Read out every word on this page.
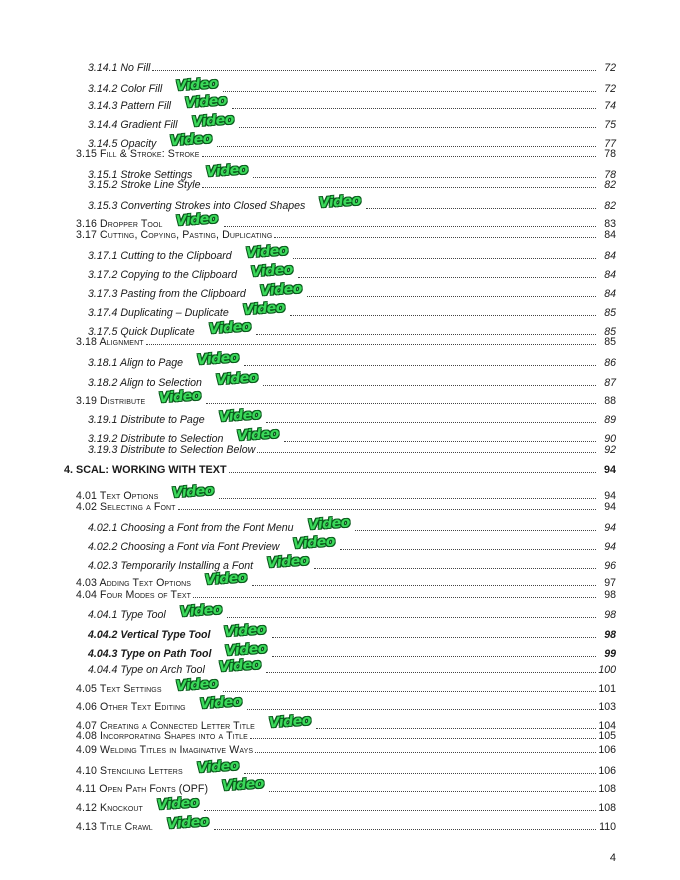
3.14.1 No Fill	72
3.14.2 Color Fill Video	72
3.14.3 Pattern Fill Video	74
3.14.4 Gradient Fill Video	75
3.14.5 Opacity Video	77
3.15 Fill & Stroke: Stroke	78
3.15.1 Stroke Settings Video	78
3.15.2 Stroke Line Style	82
3.15.3 Converting Strokes into Closed Shapes Video	82
3.16 Dropper Tool Video	83
3.17 Cutting, Copying, Pasting, Duplicating	84
3.17.1 Cutting to the Clipboard Video	84
3.17.2 Copying to the Clipboard Video	84
3.17.3 Pasting from the Clipboard Video	84
3.17.4 Duplicating – Duplicate Video	85
3.17.5 Quick Duplicate Video	85
3.18 Alignment	85
3.18.1 Align to Page Video	86
3.18.2 Align to Selection Video	87
3.19 Distribute Video	88
3.19.1 Distribute to Page Video	89
3.19.2 Distribute to Selection Video	90
3.19.3 Distribute to Selection Below	92
4. SCAL: WORKING WITH TEXT	94
4.01 Text Options Video	94
4.02 Selecting a Font	94
4.02.1 Choosing a Font from the Font Menu Video	94
4.02.2 Choosing a Font via Font Preview Video	94
4.02.3 Temporarily Installing a Font Video	96
4.03 Adding Text Options Video	97
4.04 Four Modes of Text	98
4.04.1 Type Tool Video	98
4.04.2 Vertical Type Tool Video	98
4.04.3 Type on Path Tool Video	99
4.04.4 Type on Arch Tool Video	100
4.05 Text Settings Video	101
4.06 Other Text Editing Video	103
4.07 Creating a Connected Letter Title Video	104
4.08 Incorporating Shapes into a Title	105
4.09 Welding Titles in Imaginative Ways	106
4.10 Stenciling Letters Video	106
4.11 Open Path Fonts (OPF) Video	108
4.12 Knockout Video	108
4.13 Title Crawl Video	110
4
